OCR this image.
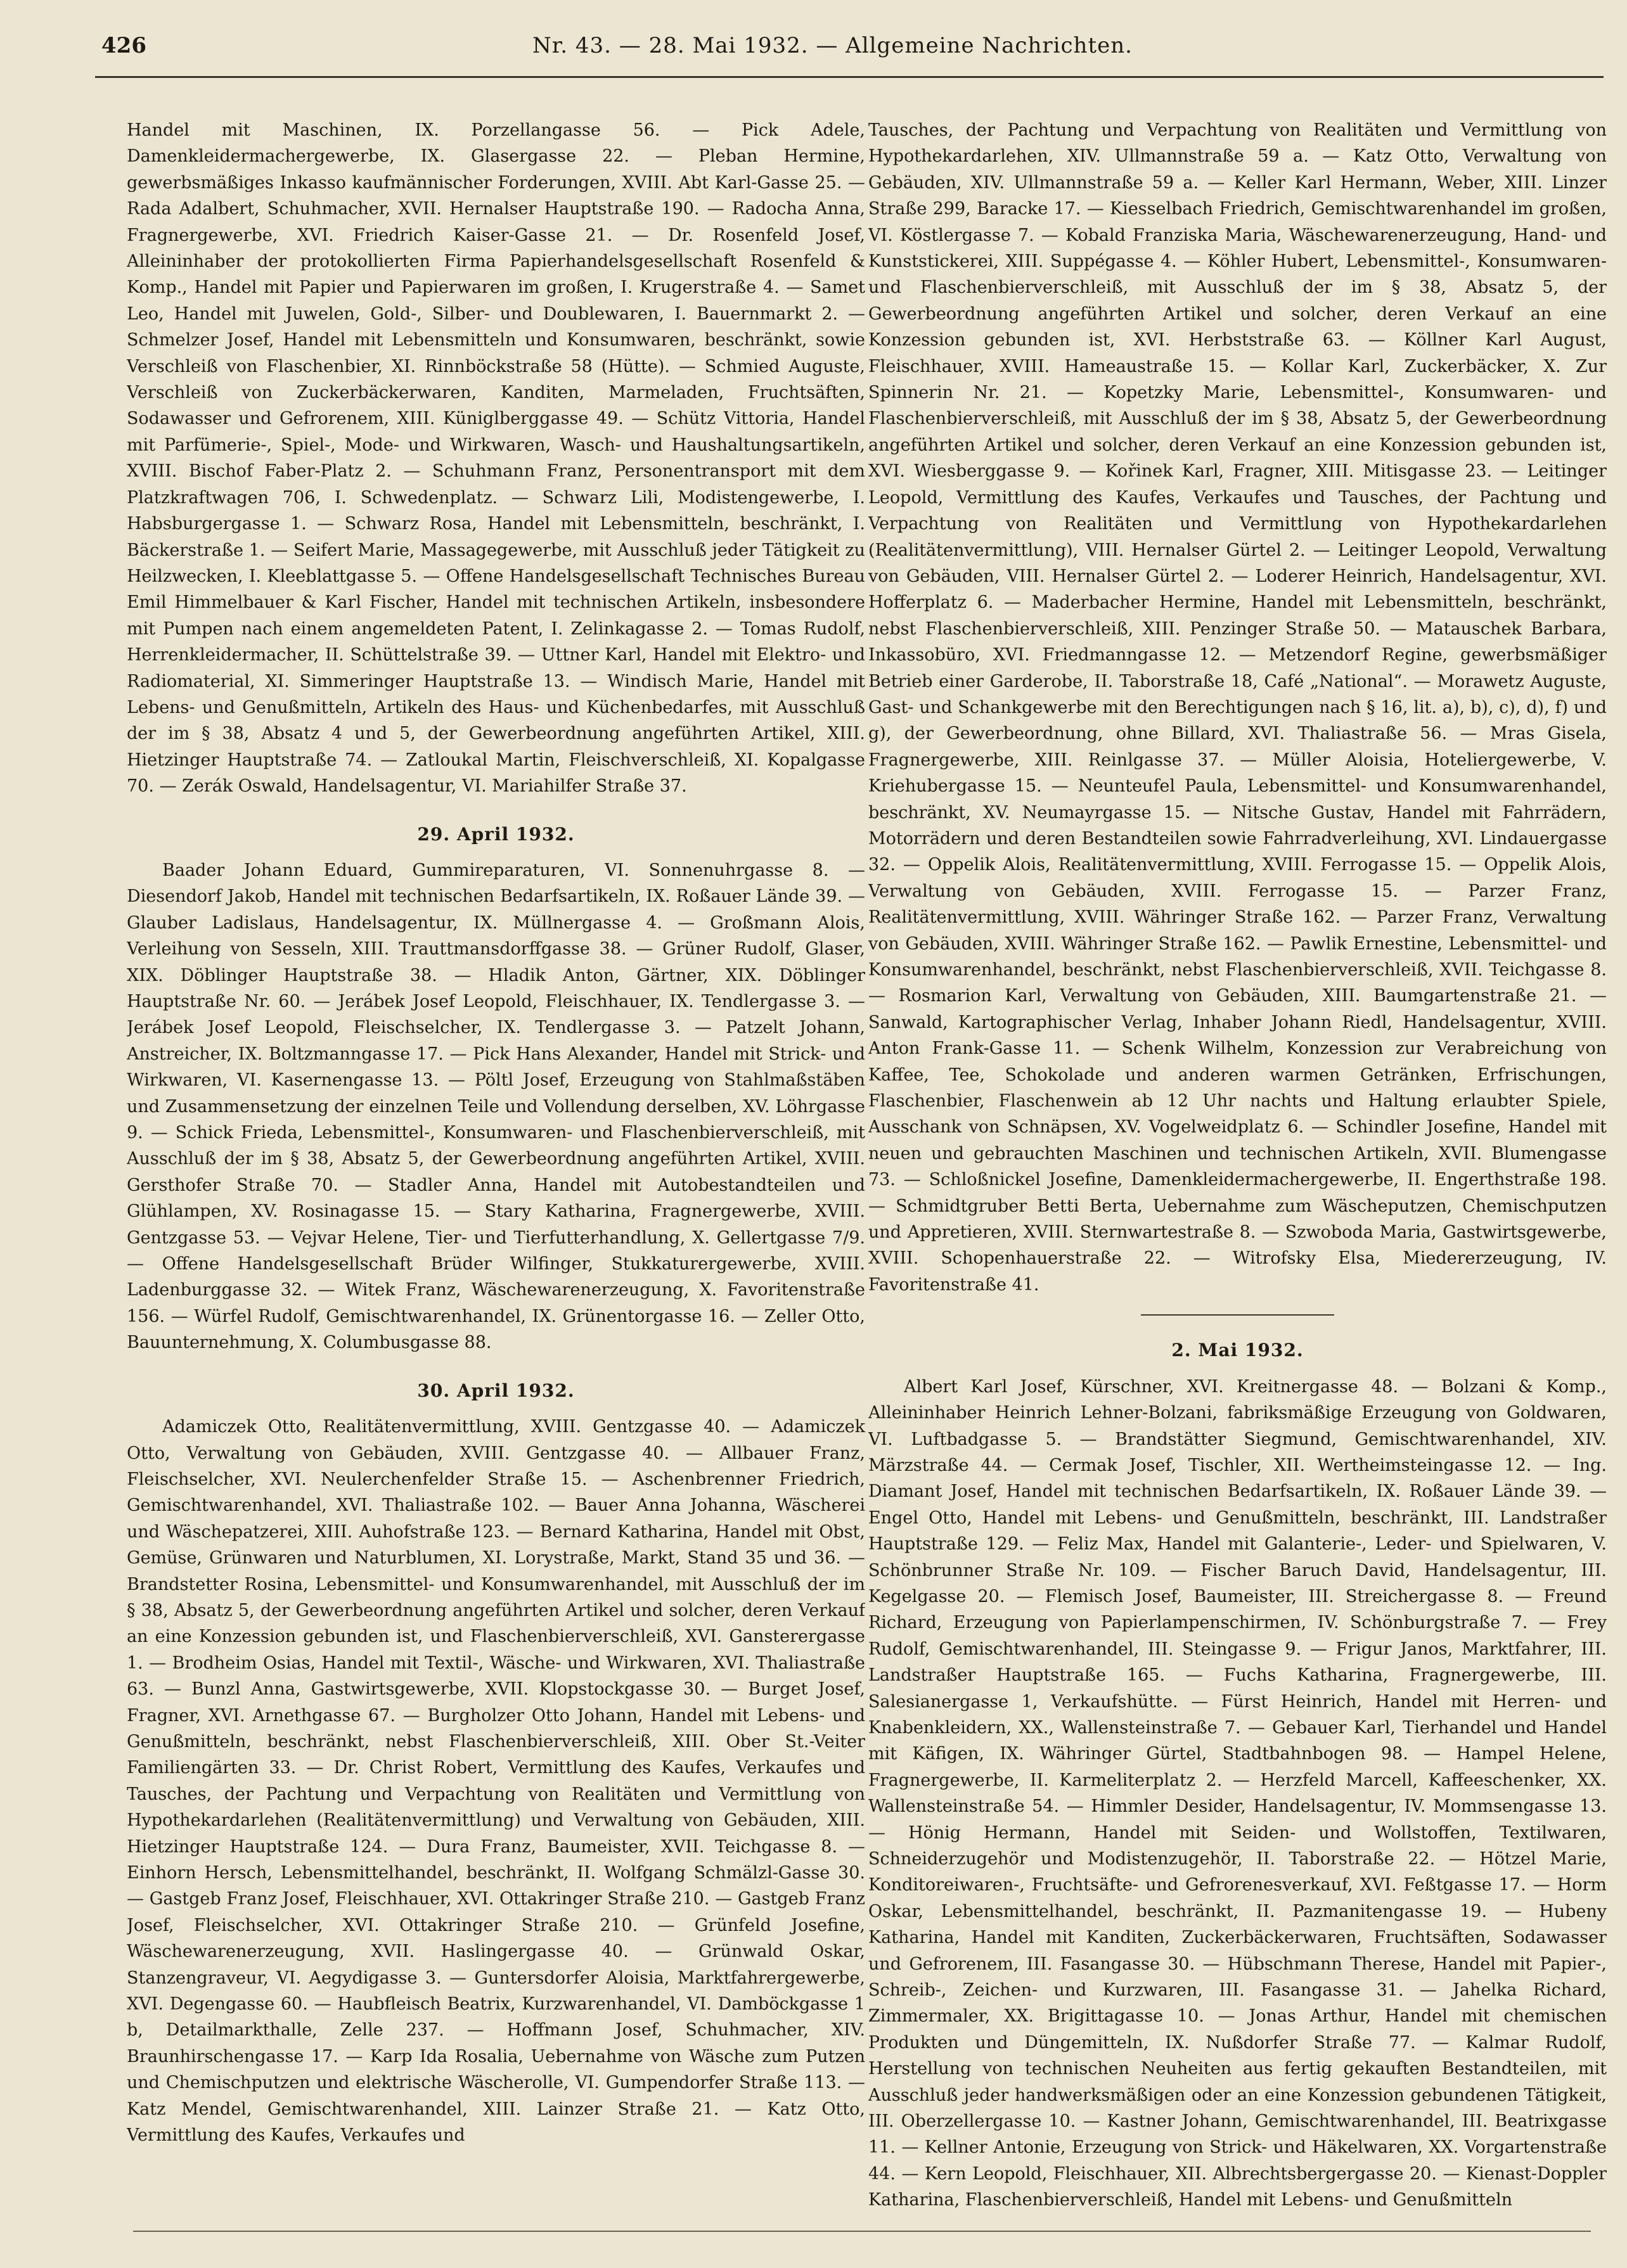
426	Nr. 43. — 28. Mai 1932. — Allgemeine Nachrichten.

Handel mit Maschinen, IX. Porzellangasse 56. — Pick Adele, Damenkleidermachergewerbe, IX. Glasergasse 22. — Pleban Hermine, gewerbsmäßiges Inkasso kaufmännischer Forderungen, XVIII. Abt Karl-Gasse 25. — Rada Adalbert, Schuhmacher, XVII. Hernalser Hauptstraße 190. — Radocha Anna, Fragnergewerbe, XVI. Friedrich Kaiser-Gasse 21. — Dr. Rosenfeld Josef, Alleininhaber der protokollierten Firma Papierhandelsgesellschaft Rosenfeld & Komp., Handel mit Papier und Papierwaren im großen, I. Krugerstraße 4. — Samet Leo, Handel mit Juwelen, Gold-, Silber- und Doublewaren, I. Bauernmarkt 2. — Schmelzer Josef, Handel mit Lebensmitteln und Konsumwaren, beschränkt, sowie Verschleiß von Flaschenbier, XI. Rinnböckstraße 58 (Hütte). — Schmied Auguste, Verschleiß von Zuckerbäckerwaren, Kanditen, Marmeladen, Fruchtsäften, Sodawasser und Gefrorenem, XIII. Küniglberggasse 49. — Schütz Vittoria, Handel mit Parfümerie-, Spiel-, Mode- und Wirkwaren, Wasch- und Haushaltungsartikeln, XVIII. Bischof Faber-Platz 2. — Schuhmann Franz, Personentransport mit dem Platzkraftwagen 706, I. Schwedenplatz. — Schwarz Lili, Modistengewerbe, I. Habsburgergasse 1. — Schwarz Rosa, Handel mit Lebensmitteln, beschränkt, I. Bäckerstraße 1. — Seifert Marie, Massagegewerbe, mit Ausschluß jeder Tätigkeit zu Heilzwecken, I. Kleeblattgasse 5. — Offene Handelsgesellschaft Technisches Bureau Emil Himmelbauer & Karl Fischer, Handel mit technischen Artikeln, insbesondere mit Pumpen nach einem angemeldeten Patent, I. Zelinkagasse 2. — Tomas Rudolf, Herrenkleidermacher, II. Schüttelstraße 39. — Uttner Karl, Handel mit Elektro- und Radiomaterial, XI. Simmeringer Hauptstraße 13. — Windisch Marie, Handel mit Lebens- und Genußmitteln, Artikeln des Haus- und Küchenbedarfes, mit Ausschluß der im § 38, Absatz 4 und 5, der Gewerbeordnung angeführten Artikel, XIII. Hietzinger Hauptstraße 74. — Zatloukal Martin, Fleischverschleiß, XI. Kopalgasse 70. — Zerák Oswald, Handelsagentur, VI. Mariahilfer Straße 37.

29. April 1932.

Baader Johann Eduard, Gummireparaturen, VI. Sonnenuhrgasse 8. — Diesendorf Jakob, Handel mit technischen Bedarfsartikeln, IX. Roßauer Lände 39. — Glauber Ladislaus, Handelsagentur, IX. Müllnergasse 4. — Großmann Alois, Verleihung von Sesseln, XIII. Trauttmansdorffgasse 38. — Grüner Rudolf, Glaser, XIX. Döblinger Hauptstraße 38. — Hladik Anton, Gärtner, XIX. Döblinger Hauptstraße Nr. 60. — Jerábek Josef Leopold, Fleischhauer, IX. Tendlergasse 3. — Jerábek Josef Leopold, Fleischselcher, IX. Tendlergasse 3. — Patzelt Johann, Anstreicher, IX. Boltzmanngasse 17. — Pick Hans Alexander, Handel mit Strick- und Wirkwaren, VI. Kasernengasse 13. — Pöltl Josef, Erzeugung von Stahlmaßstäben und Zusammensetzung der einzelnen Teile und Vollendung derselben, XV. Löhrgasse 9. — Schick Frieda, Lebensmittel-, Konsumwaren- und Flaschenbierverschleiß, mit Ausschluß der im § 38, Absatz 5, der Gewerbeordnung angeführten Artikel, XVIII. Gersthofer Straße 70. — Stadler Anna, Handel mit Autobestandteilen und Glühlampen, XV. Rosinagasse 15. — Stary Katharina, Fragnergewerbe, XVIII. Gentzgasse 53. — Vejvar Helene, Tier- und Tierfutterhandlung, X. Gellertgasse 7/9. — Offene Handelsgesellschaft Brüder Wilfinger, Stukkaturergewerbe, XVIII. Ladenburggasse 32. — Witek Franz, Wäschewarenerzeugung, X. Favoritenstraße 156. — Würfel Rudolf, Gemischtwarenhandel, IX. Grünentorgasse 16. — Zeller Otto, Bauunternehmung, X. Columbusgasse 88.

30. April 1932.

Adamiczek Otto, Realitätenvermittlung, XVIII. Gentzgasse 40. — Adamiczek Otto, Verwaltung von Gebäuden, XVIII. Gentzgasse 40. — Allbauer Franz, Fleischselcher, XVI. Neulerchenfelder Straße 15. — Aschenbrenner Friedrich, Gemischtwarenhandel, XVI. Thaliastraße 102. — Bauer Anna Johanna, Wäscherei und Wäschepatzerei, XIII. Auhofstraße 123. — Bernard Katharina, Handel mit Obst, Gemüse, Grünwaren und Naturblumen, XI. Lorystraße, Markt, Stand 35 und 36. — Brandstetter Rosina, Lebensmittel- und Konsumwarenhandel, mit Ausschluß der im § 38, Absatz 5, der Gewerbeordnung angeführten Artikel und solcher, deren Verkauf an eine Konzession gebunden ist, und Flaschenbierverschleiß, XVI. Gansterergasse 1. — Brodheim Osias, Handel mit Textil-, Wäsche- und Wirkwaren, XVI. Thaliastraße 63. — Bunzl Anna, Gastwirtsgewerbe, XVII. Klopstockgasse 30. — Burget Josef, Fragner, XVI. Arnethgasse 67. — Burgholzer Otto Johann, Handel mit Lebens- und Genußmitteln, beschränkt, nebst Flaschenbierverschleiß, XIII. Ober St.-Veiter Familiengärten 33. — Dr. Christ Robert, Vermittlung des Kaufes, Verkaufes und Tausches, der Pachtung und Verpachtung von Realitäten und Vermittlung von Hypothekardarlehen (Realitätenvermittlung) und Verwaltung von Gebäuden, XIII. Hietzinger Hauptstraße 124. — Dura Franz, Baumeister, XVII. Teichgasse 8. — Einhorn Hersch, Lebensmittelhandel, beschränkt, II. Wolfgang Schmälzl-Gasse 30. — Gastgeb Franz Josef, Fleischhauer, XVI. Ottakringer Straße 210. — Gastgeb Franz Josef, Fleischselcher, XVI. Ottakringer Straße 210. — Grünfeld Josefine, Wäschewarenerzeugung, XVII. Haslingergasse 40. — Grünwald Oskar, Stanzengraveur, VI. Aegydigasse 3. — Guntersdorfer Aloisia, Marktfahrergewerbe, XVI. Degengasse 60. — Haubfleisch Beatrix, Kurzwarenhandel, VI. Damböckgasse 1 b, Detailmarkthalle, Zelle 237. — Hoffmann Josef, Schuhmacher, XIV. Braunhirschengasse 17. — Karp Ida Rosalia, Uebernahme von Wäsche zum Putzen und Chemischputzen und elektrische Wäscherolle, VI. Gumpendorfer Straße 113. — Katz Mendel, Gemischtwarenhandel, XIII. Lainzer Straße 21. — Katz Otto, Vermittlung des Kaufes, Verkaufes und

Tausches, der Pachtung und Verpachtung von Realitäten und Vermittlung von Hypothekardarlehen, XIV. Ullmannstraße 59 a. — Katz Otto, Verwaltung von Gebäuden, XIV. Ullmannstraße 59 a. — Keller Karl Hermann, Weber, XIII. Linzer Straße 299, Baracke 17. — Kiesselbach Friedrich, Gemischtwarenhandel im großen, VI. Köstlergasse 7. — Kobald Franziska Maria, Wäschewarenerzeugung, Hand- und Kunststickerei, XIII. Suppégasse 4. — Köhler Hubert, Lebensmittel-, Konsumwaren- und Flaschenbierverschleiß, mit Ausschluß der im § 38, Absatz 5, der Gewerbeordnung angeführten Artikel und solcher, deren Verkauf an eine Konzession gebunden ist, XVI. Herbststraße 63. — Köllner Karl August, Fleischhauer, XVIII. Hameaustraße 15. — Kollar Karl, Zuckerbäcker, X. Zur Spinnerin Nr. 21. — Kopetzky Marie, Lebensmittel-, Konsumwaren- und Flaschenbierverschleiß, mit Ausschluß der im § 38, Absatz 5, der Gewerbeordnung angeführten Artikel und solcher, deren Verkauf an eine Konzession gebunden ist, XVI. Wiesberggasse 9. — Kořinek Karl, Fragner, XIII. Mitisgasse 23. — Leitinger Leopold, Vermittlung des Kaufes, Verkaufes und Tausches, der Pachtung und Verpachtung von Realitäten und Vermittlung von Hypothekardarlehen (Realitätenvermittlung), VIII. Hernalser Gürtel 2. — Leitinger Leopold, Verwaltung von Gebäuden, VIII. Hernalser Gürtel 2. — Loderer Heinrich, Handelsagentur, XVI. Hofferplatz 6. — Maderbacher Hermine, Handel mit Lebensmitteln, beschränkt, nebst Flaschenbierverschleiß, XIII. Penzinger Straße 50. — Matauschek Barbara, Inkassobüro, XVI. Friedmanngasse 12. — Metzendorf Regine, gewerbsmäßiger Betrieb einer Garderobe, II. Taborstraße 18, Café „National“. — Morawetz Auguste, Gast- und Schankgewerbe mit den Berechtigungen nach § 16, lit. a), b), c), d), f) und g), der Gewerbeordnung, ohne Billard, XVI. Thaliastraße 56. — Mras Gisela, Fragnergewerbe, XIII. Reinlgasse 37. — Müller Aloisia, Hoteliergewerbe, V. Kriehubergasse 15. — Neunteufel Paula, Lebensmittel- und Konsumwarenhandel, beschränkt, XV. Neumayrgasse 15. — Nitsche Gustav, Handel mit Fahrrädern, Motorrädern und deren Bestandteilen sowie Fahrradverleihung, XVI. Lindauergasse 32. — Oppelik Alois, Realitätenvermittlung, XVIII. Ferrogasse 15. — Oppelik Alois, Verwaltung von Gebäuden, XVIII. Ferrogasse 15. — Parzer Franz, Realitätenvermittlung, XVIII. Währinger Straße 162. — Parzer Franz, Verwaltung von Gebäuden, XVIII. Währinger Straße 162. — Pawlik Ernestine, Lebensmittel- und Konsumwarenhandel, beschränkt, nebst Flaschenbierverschleiß, XVII. Teichgasse 8. — Rosmarion Karl, Verwaltung von Gebäuden, XIII. Baumgartenstraße 21. — Sanwald, Kartographischer Verlag, Inhaber Johann Riedl, Handelsagentur, XVIII. Anton Frank-Gasse 11. — Schenk Wilhelm, Konzession zur Verabreichung von Kaffee, Tee, Schokolade und anderen warmen Getränken, Erfrischungen, Flaschenbier, Flaschenwein ab 12 Uhr nachts und Haltung erlaubter Spiele, Ausschank von Schnäpsen, XV. Vogelweidplatz 6. — Schindler Josefine, Handel mit neuen und gebrauchten Maschinen und technischen Artikeln, XVII. Blumengasse 73. — Schloßnickel Josefine, Damenkleidermachergewerbe, II. Engerthstraße 198. — Schmidtgruber Betti Berta, Uebernahme zum Wäscheputzen, Chemischputzen und Appretieren, XVIII. Sternwartestraße 8. — Szwoboda Maria, Gastwirtsgewerbe, XVIII. Schopenhauerstraße 22. — Witrofsky Elsa, Miedererzeugung, IV. Favoritenstraße 41.

2. Mai 1932.

Albert Karl Josef, Kürschner, XVI. Kreitnergasse 48. — Bolzani & Komp., Alleininhaber Heinrich Lehner-Bolzani, fabriksmäßige Erzeugung von Goldwaren, VI. Luftbadgasse 5. — Brandstätter Siegmund, Gemischtwarenhandel, XIV. Märzstraße 44. — Cermak Josef, Tischler, XII. Wertheimsteingasse 12. — Ing. Diamant Josef, Handel mit technischen Bedarfsartikeln, IX. Roßauer Lände 39. — Engel Otto, Handel mit Lebens- und Genußmitteln, beschränkt, III. Landstraßer Hauptstraße 129. — Feliz Max, Handel mit Galanterie-, Leder- und Spielwaren, V. Schönbrunner Straße Nr. 109. — Fischer Baruch David, Handelsagentur, III. Kegelgasse 20. — Flemisch Josef, Baumeister, III. Streichergasse 8. — Freund Richard, Erzeugung von Papierlampenschirmen, IV. Schönburgstraße 7. — Frey Rudolf, Gemischtwarenhandel, III. Steingasse 9. — Frigur Janos, Marktfahrer, III. Landstraßer Hauptstraße 165. — Fuchs Katharina, Fragnergewerbe, III. Salesianergasse 1, Verkaufshütte. — Fürst Heinrich, Handel mit Herren- und Knabenkleidern, XX., Wallensteinstraße 7. — Gebauer Karl, Tierhandel und Handel mit Käfigen, IX. Währinger Gürtel, Stadtbahnbogen 98. — Hampel Helene, Fragnergewerbe, II. Karmeliterplatz 2. — Herzfeld Marcell, Kaffeeschenker, XX. Wallensteinstraße 54. — Himmler Desider, Handelsagentur, IV. Mommsengasse 13. — Hönig Hermann, Handel mit Seiden- und Wollstoffen, Textilwaren, Schneiderzugehör und Modistenzugehör, II. Taborstraße 22. — Hötzel Marie, Konditoreiwaren-, Fruchtsäfte- und Gefrorenesverkauf, XVI. Feßtgasse 17. — Horm Oskar, Lebensmittelhandel, beschränkt, II. Pazmanitengasse 19. — Hubeny Katharina, Handel mit Kanditen, Zuckerbäckerwaren, Fruchtsäften, Sodawasser und Gefrorenem, III. Fasangasse 30. — Hübschmann Therese, Handel mit Papier-, Schreib-, Zeichen- und Kurzwaren, III. Fasangasse 31. — Jahelka Richard, Zimmermaler, XX. Brigittagasse 10. — Jonas Arthur, Handel mit chemischen Produkten und Düngemitteln, IX. Nußdorfer Straße 77. — Kalmar Rudolf, Herstellung von technischen Neuheiten aus fertig gekauften Bestandteilen, mit Ausschluß jeder handwerksmäßigen oder an eine Konzession gebundenen Tätigkeit, III. Oberzellergasse 10. — Kastner Johann, Gemischtwarenhandel, III. Beatrixgasse 11. — Kellner Antonie, Erzeugung von Strick- und Häkelwaren, XX. Vorgartenstraße 44. — Kern Leopold, Fleischhauer, XII. Albrechtsbergergasse 20. — Kienast-Doppler Katharina, Flaschenbierverschleiß, Handel mit Lebens- und Genußmitteln
